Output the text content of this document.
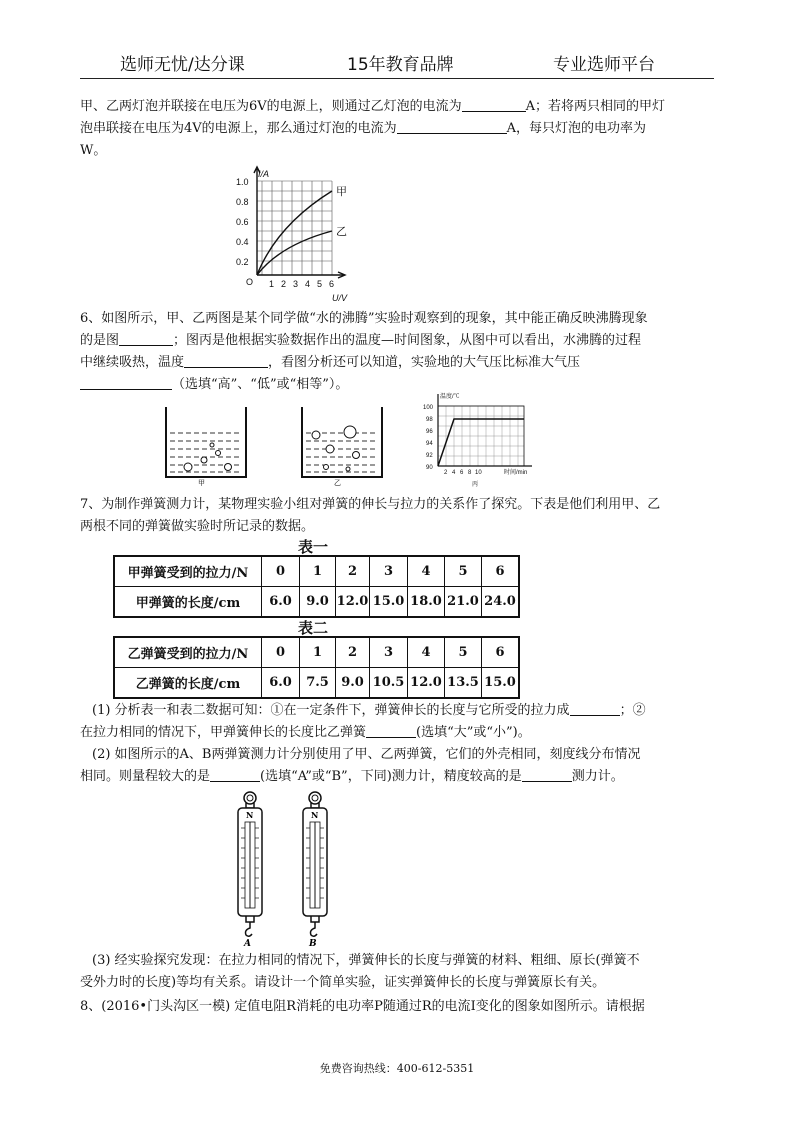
选师无忧/达分课	15年教育品牌	专业选师平台

甲、乙两灯泡并联接在电压为6V的电源上，则通过乙灯泡的电流为	A；若将两只相同的甲灯

泡串联接在电压为4V的电源上，那么通过灯泡的电流为	A，每只灯泡的电功率为

W。

I/A
1.0
0.8
0.6
0.4
0.2
O 1 2 3 4 5 6
U/V
甲
乙

6、如图所示，甲、乙两图是某个同学做“水的沸腾”实验时观察到的现象，其中能正确反映沸腾现象

的是图	；图丙是他根据实验数据作出的温度—时间图象，从图中可以看出，水沸腾的过程

中继续吸热，温度	，看图分析还可以知道，实验地的大气压比标准大气压

（选填“高”、“低”或“相等”）。

甲	乙
温度/℃
100
98
96
94
92
90
2 4 6 8 10	时间/min
丙

7、为制作弹簧测力计，某物理实验小组对弹簧的伸长与拉力的关系作了探究。下表是他们利用甲、乙

两根不同的弹簧做实验时所记录的数据。

表一
甲弹簧受到的拉力/N	0	1	2	3	4	5	6
甲弹簧的长度/cm	6.0	9.0	12.0	15.0	18.0	21.0	24.0
表二
乙弹簧受到的拉力/N	0	1	2	3	4	5	6
乙弹簧的长度/cm	6.0	7.5	9.0	10.5	12.0	13.5	15.0

(1) 分析表一和表二数据可知：①在一定条件下，弹簧伸长的长度与它所受的拉力成	；②

在拉力相同的情况下，甲弹簧伸长的长度比乙弹簧	(选填“大”或“小”)。

(2) 如图所示的A、B两弹簧测力计分别使用了甲、乙两弹簧，它们的外壳相同，刻度线分布情况

相同。则量程较大的是	(选填“A”或“B”，下同)测力计，精度较高的是	测力计。

N
A
N
B

(3) 经实验探究发现：在拉力相同的情况下，弹簧伸长的长度与弹簧的材料、粗细、原长(弹簧不

受外力时的长度)等均有关系。请设计一个简单实验，证实弹簧伸长的长度与弹簧原长有关。

8、(2016•门头沟区一模) 定值电阻R消耗的电功率P随通过R的电流I变化的图象如图所示。请根据

免费咨询热线：400-612-5351
